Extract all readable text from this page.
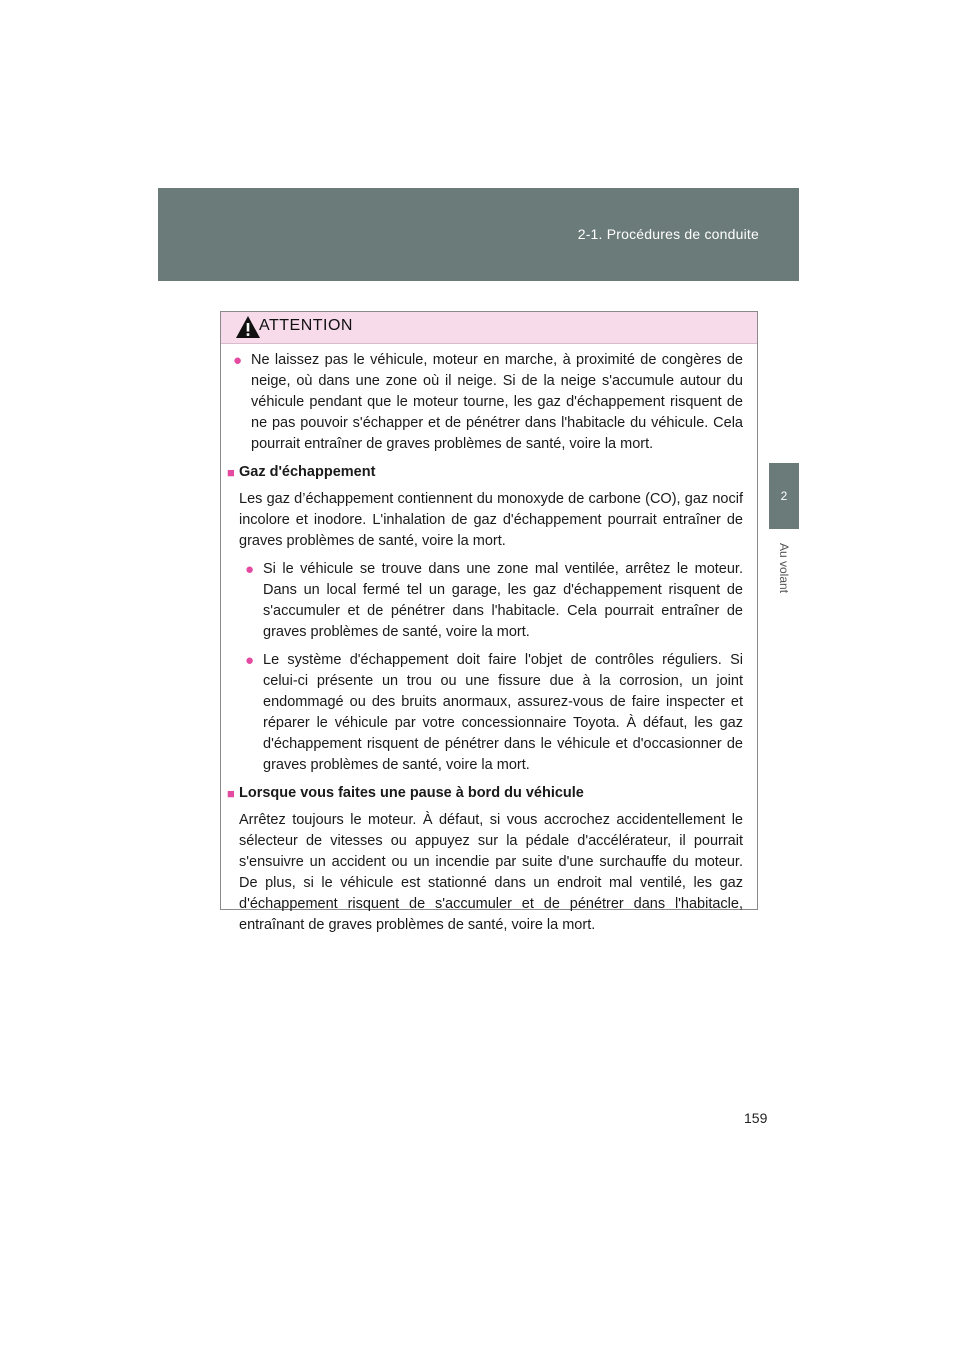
2-1. Procédures de conduite
2
Au volant
ATTENTION
● Ne laissez pas le véhicule, moteur en marche, à proximité de congères de neige, où dans une zone où il neige. Si de la neige s'accumule autour du véhicule pendant que le moteur tourne, les gaz d'échappement risquent de ne pas pouvoir s'échapper et de pénétrer dans l'habitacle du véhicule. Cela pourrait entraîner de graves problèmes de santé, voire la mort.
■ Gaz d'échappement
Les gaz d’échappement contiennent du monoxyde de carbone (CO), gaz nocif incolore et inodore. L'inhalation de gaz d'échappement pourrait entraîner de graves problèmes de santé, voire la mort.
● Si le véhicule se trouve dans une zone mal ventilée, arrêtez le moteur. Dans un local fermé tel un garage, les gaz d'échappement risquent de s'accumuler et de pénétrer dans l'habitacle. Cela pourrait entraîner de graves problèmes de santé, voire la mort.
● Le système d'échappement doit faire l'objet de contrôles réguliers. Si celui-ci présente un trou ou une fissure due à la corrosion, un joint endommagé ou des bruits anormaux, assurez-vous de faire inspecter et réparer le véhicule par votre concessionnaire Toyota. À défaut, les gaz d'échappement risquent de pénétrer dans le véhicule et d'occasionner de graves problèmes de santé, voire la mort.
■ Lorsque vous faites une pause à bord du véhicule
Arrêtez toujours le moteur. À défaut, si vous accrochez accidentellement le sélecteur de vitesses ou appuyez sur la pédale d'accélérateur, il pourrait s'ensuivre un accident ou un incendie par suite d'une surchauffe du moteur. De plus, si le véhicule est stationné dans un endroit mal ventilé, les gaz d'échappement risquent de s'accumuler et de pénétrer dans l'habitacle, entraînant de graves problèmes de santé, voire la mort.
159
